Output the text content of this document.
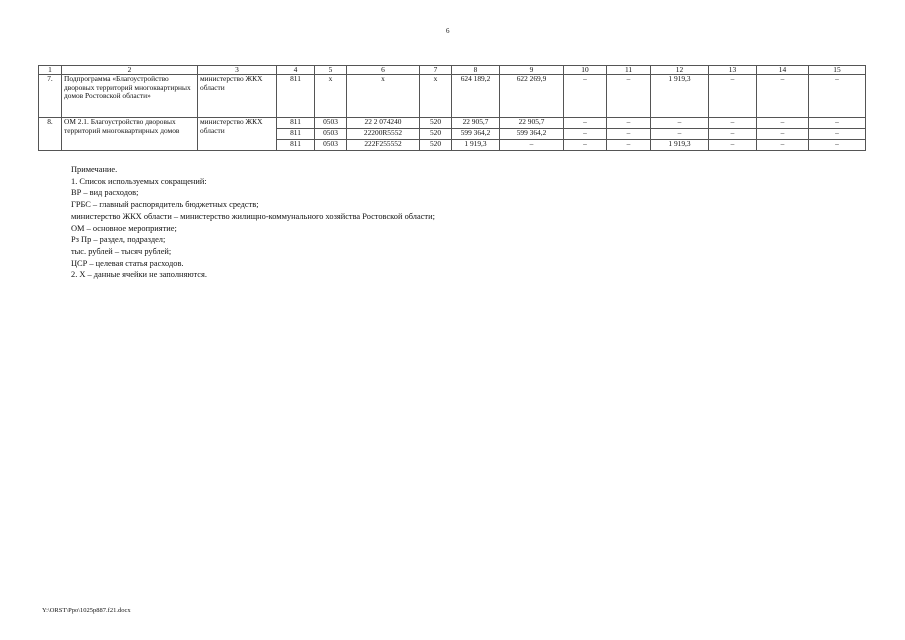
6
1	2	3	4	5	6	7	8	9	10	11	12	13	14	15
7.	Подпрограмма «Благоустройство дворовых территорий многоквартирных домов Ростовской области»	министерство ЖКХ области	811	x	x	x	624 189,2	622 269,9	–	–	1 919,3	–	–	–
8.	ОМ 2.1. Благоустройство дворовых территорий многоквартирных домов	министерство ЖКХ области	811	0503	22 2 074240	520	22 905,7	22 905,7	–	–	–	–	–	–
			811	0503	22200R5552	520	599 364,2	599 364,2	–	–	–	–	–	–
			811	0503	222F255552	520	1 919,3	–	–	–	1 919,3	–	–	–
Примечание.
1. Список используемых сокращений:
ВР – вид расходов;
ГРБС – главный распорядитель бюджетных средств;
министерство ЖКХ области – министерство жилищно-коммунального хозяйства Ростовской области;
ОМ – основное мероприятие;
Рз Пр – раздел, подраздел;
тыс. рублей – тысяч рублей;
ЦСР – целевая статья расходов.
2. Х – данные ячейки не заполняются.
Y:\ORST\Ppo\1025p887.f21.docx
